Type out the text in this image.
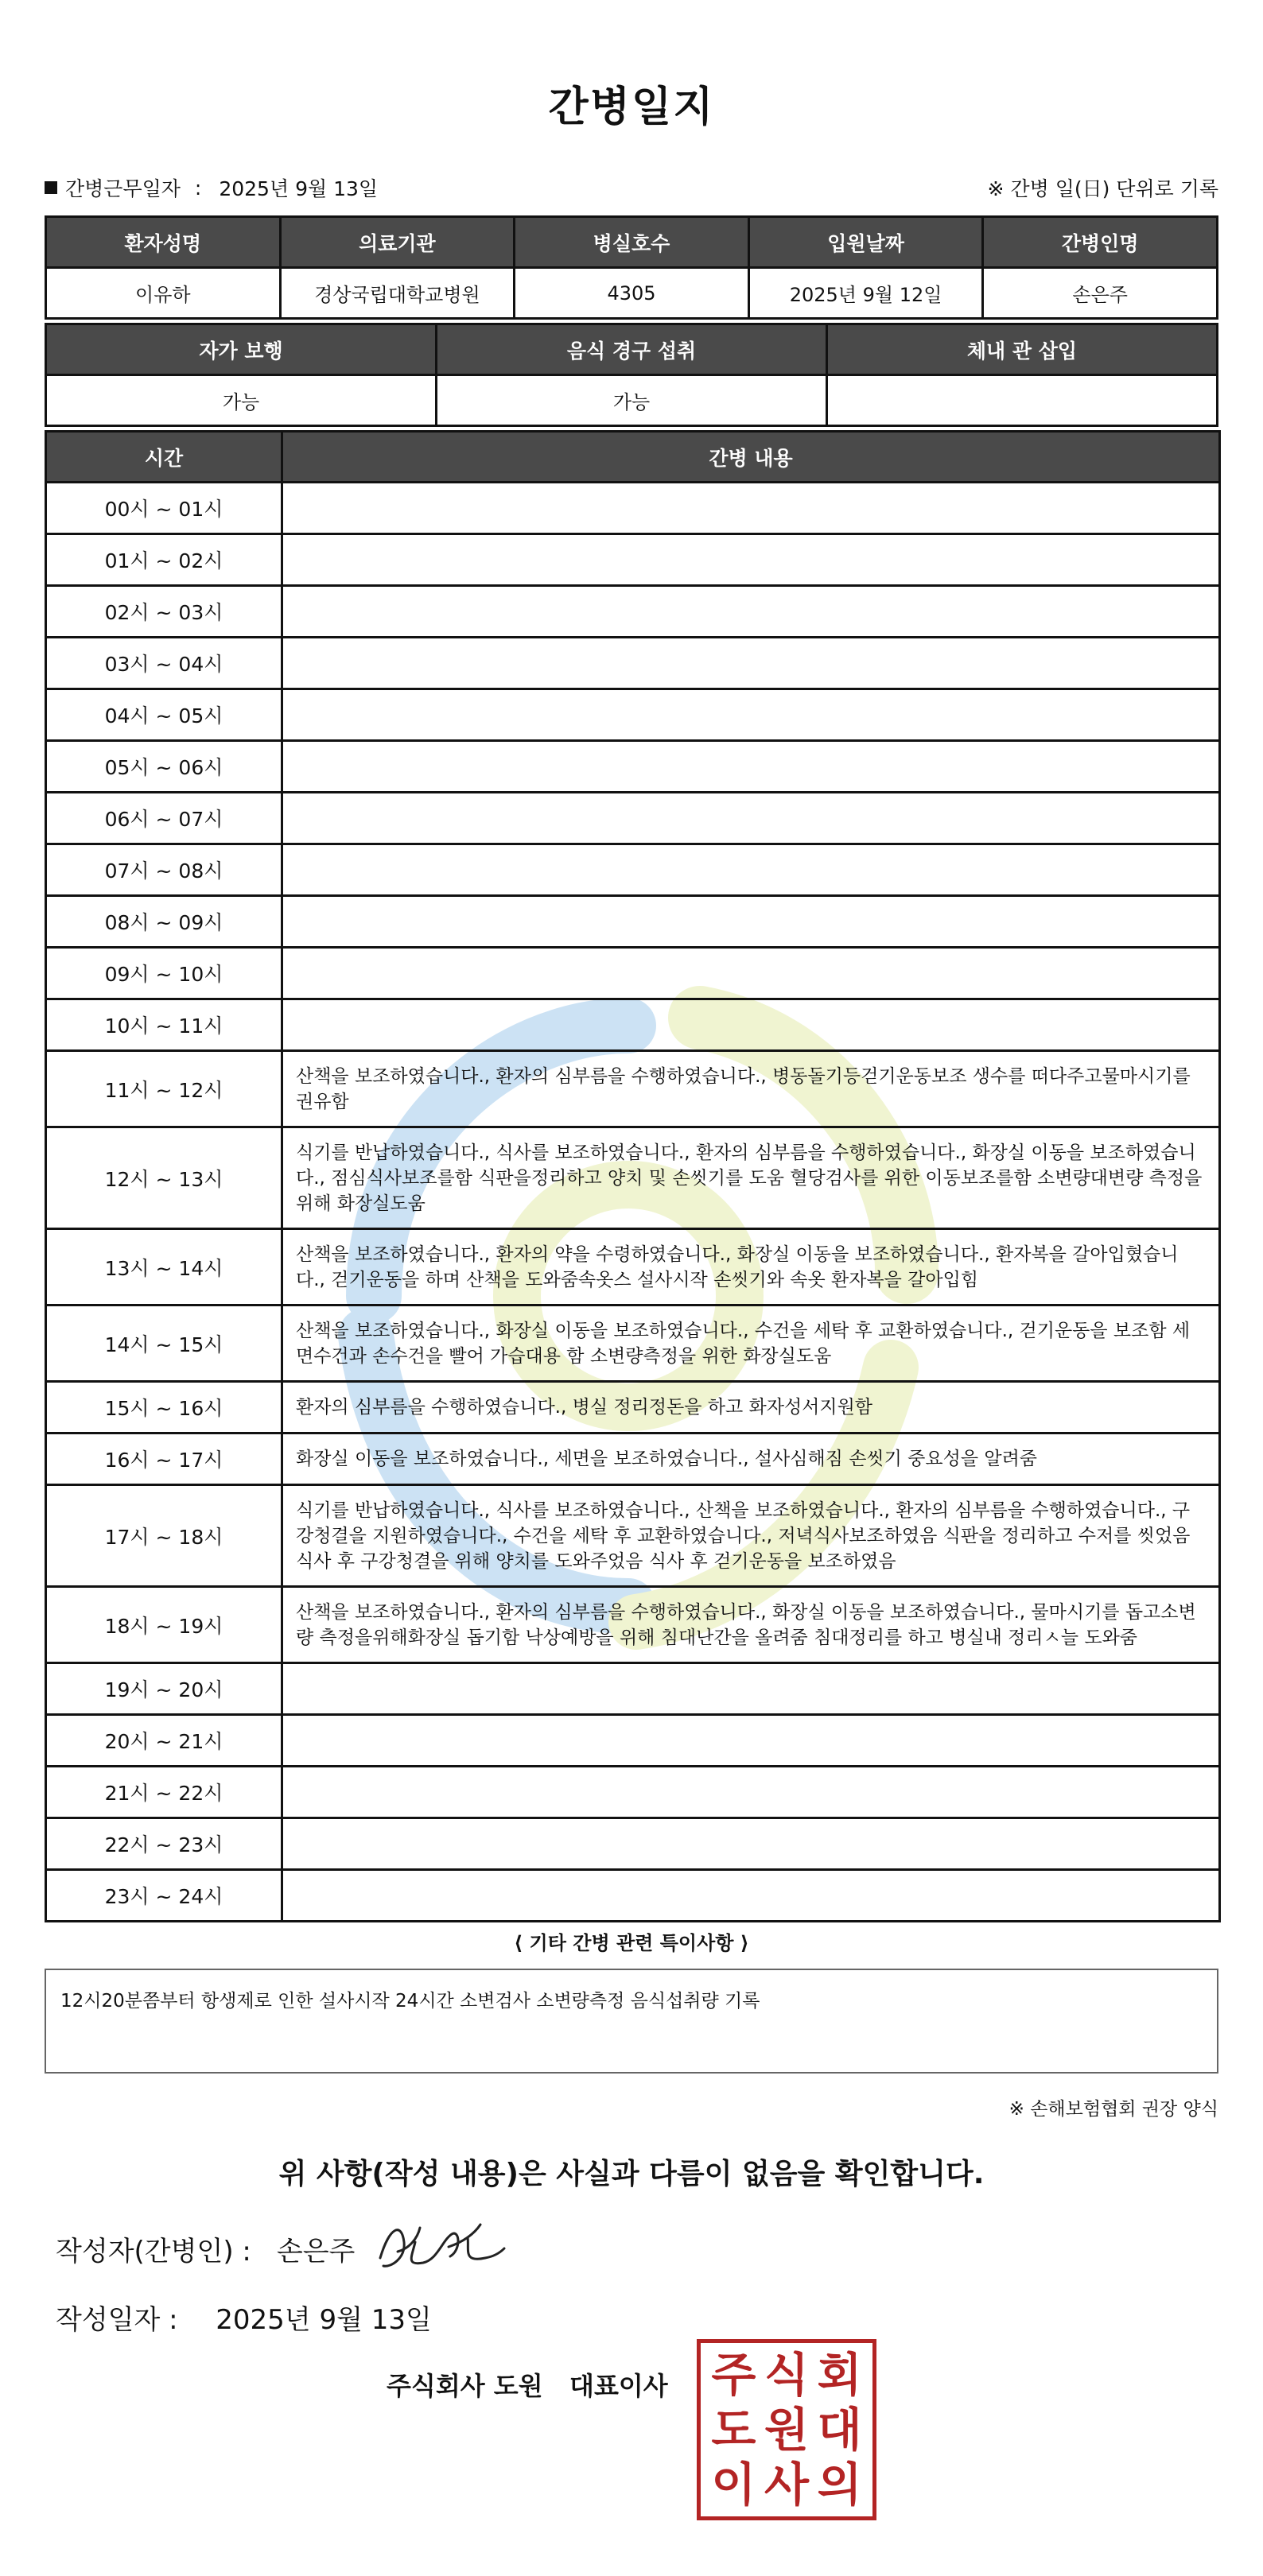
간병일지
간병근무일자 : 2025년 9월 13일	※ 간병 일(日) 단위로 기록
환자성명	의료기관	병실호수	입원날짜	간병인명
이유하	경상국립대학교병원	4305	2025년 9월 12일	손은주
자가 보행	음식 경구 섭취	체내 관 삽입
가능	가능	
시간	간병 내용
00시 ~ 01시	
01시 ~ 02시	
02시 ~ 03시	
03시 ~ 04시	
04시 ~ 05시	
05시 ~ 06시	
06시 ~ 07시	
07시 ~ 08시	
08시 ~ 09시	
09시 ~ 10시	
10시 ~ 11시	
11시 ~ 12시	산책을 보조하였습니다., 환자의 심부름을 수행하였습니다., 병동돌기등걷기운동보조 생수를 떠다주고물마시기를 권유함
12시 ~ 13시	식기를 반납하였습니다., 식사를 보조하였습니다., 환자의 심부름을 수행하였습니다., 화장실 이동을 보조하였습니다., 점심식사보조를함 식판을정리하고 양치 및 손씻기를 도움 혈당검사를 위한 이동보조를함 소변량대변량 측정을 위해 화장실도움
13시 ~ 14시	산책을 보조하였습니다., 환자의 약을 수령하였습니다., 화장실 이동을 보조하였습니다., 환자복을 갈아입혔습니다., 걷기운동을 하며 산책을 도와줌속옷스 설사시작 손씻기와 속옷 환자복을 갈아입힘
14시 ~ 15시	산책을 보조하였습니다., 화장실 이동을 보조하였습니다., 수건을 세탁 후 교환하였습니다., 걷기운동을 보조함 세면수건과 손수건을 빨어 가습대용 함 소변량측정을 위한 화장실도움
15시 ~ 16시	환자의 심부름을 수행하였습니다., 병실 정리정돈을 하고 화자성서지원함
16시 ~ 17시	화장실 이동을 보조하였습니다., 세면을 보조하였습니다., 설사심해짐 손씻기 중요성을 알려줌
17시 ~ 18시	식기를 반납하였습니다., 식사를 보조하였습니다., 산책을 보조하였습니다., 환자의 심부름을 수행하였습니다., 구강청결을 지원하였습니다., 수건을 세탁 후 교환하였습니다., 저녁식사보조하였음 식판을 정리하고 수저를 씻었음 식사 후 구강청결을 위해 양치를 도와주었음 식사 후 걷기운동을 보조하였음
18시 ~ 19시	산책을 보조하였습니다., 환자의 심부름을 수행하였습니다., 화장실 이동을 보조하였습니다., 물마시기를 돕고소변량 측정을위해화장실 돕기함 낙상예방을 위해 침대난간을 올려줌 침대정리를 하고 병실내 정리ㅅ늘 도와줌
19시 ~ 20시	
20시 ~ 21시	
21시 ~ 22시	
22시 ~ 23시	
23시 ~ 24시	
⟨ 기타 간병 관련 특이사항 ⟩
12시20분쯤부터 항생제로 인한 설사시작 24시간 소변검사 소변량측정 음식섭취량 기록
※ 손해보험협회 권장 양식
위 사항(작성 내용)은 사실과 다름이 없음을 확인합니다.
작성자(간병인) : 손은주
작성일자 : 2025년 9월 13일
주식회사 도원   대표이사 주 식 회
도 원 대
이 사 의
